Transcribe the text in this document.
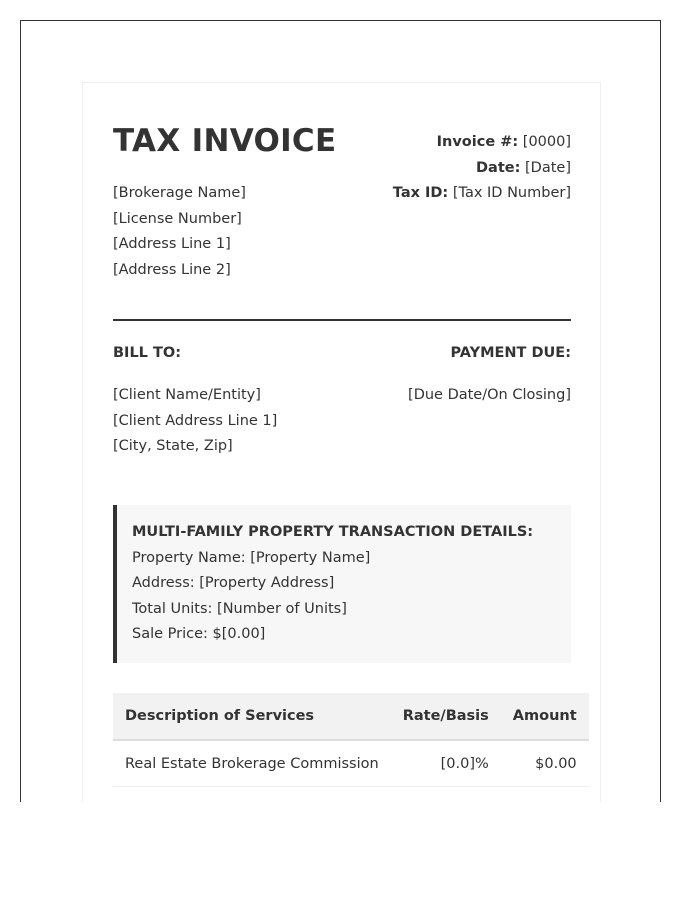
TAX INVOICE	Invoice #: [0000]
Date: [Date]
Tax ID: [Tax ID Number]
[Brokerage Name]
[License Number]
[Address Line 1]
[Address Line 2]
BILL TO:	PAYMENT DUE:
[Client Name/Entity]
[Client Address Line 1]
[City, State, Zip]
[Due Date/On Closing]
MULTI-FAMILY PROPERTY TRANSACTION DETAILS:
Property Name: [Property Name]
Address: [Property Address]
Total Units: [Number of Units]
Sale Price: $[0.00]
Description of Services	Rate/Basis	Amount
Real Estate Brokerage Commission	[0.0]%	$0.00
